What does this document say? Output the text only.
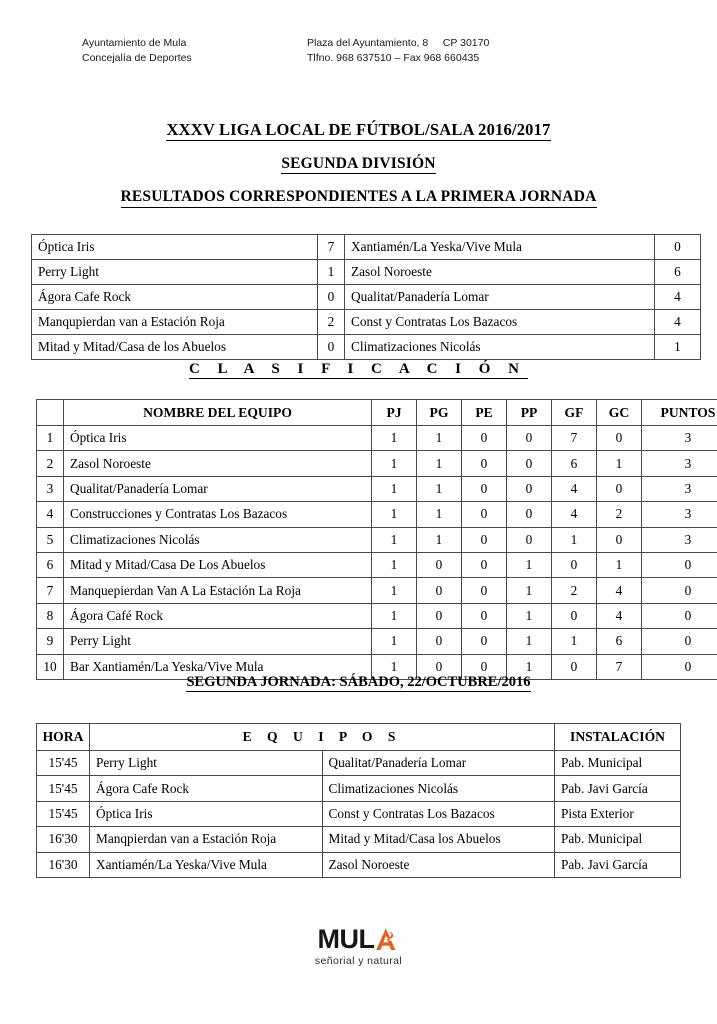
Ayuntamiento de Mula
Concejalía de Deportes
Plaza del Ayuntamiento, 8     CP 30170
Tlfno. 968 637510 – Fax 968 660435
XXXV LIGA LOCAL DE FÚTBOL/SALA 2016/2017
SEGUNDA DIVISIÓN
RESULTADOS CORRESPONDIENTES A LA PRIMERA JORNADA
Óptica Iris	7	Xantiamén/La Yeska/Vive Mula	0
Perry Light	1	Zasol Noroeste	6
Ágora Cafe Rock	0	Qualitat/Panadería Lomar	4
Manqupierdan van a Estación Roja	2	Const y Contratas Los Bazacos	4
Mitad y Mitad/Casa de los Abuelos	0	Climatizaciones Nicolás	1
C L A S I F I C A C I Ó N
	NOMBRE DEL EQUIPO	PJ	PG	PE	PP	GF	GC	PUNTOS
1	Óptica Iris	1	1	0	0	7	0	3
2	Zasol Noroeste	1	1	0	0	6	1	3
3	Qualitat/Panadería Lomar	1	1	0	0	4	0	3
4	Construcciones y Contratas Los Bazacos	1	1	0	0	4	2	3
5	Climatizaciones Nicolás	1	1	0	0	1	0	3
6	Mitad y Mitad/Casa De Los Abuelos	1	0	0	1	0	1	0
7	Manquepierdan Van A La Estación La Roja	1	0	0	1	2	4	0
8	Ágora Café Rock	1	0	0	1	0	4	0
9	Perry Light	1	0	0	1	1	6	0
10	Bar Xantiamén/La Yeska/Vive Mula	1	0	0	1	0	7	0
SEGUNDA JORNADA: SÁBADO, 22/OCTUBRE/2016
HORA	E Q U I P O S		INSTALACIÓN
15'45	Perry Light	Qualitat/Panadería Lomar	Pab. Municipal
15'45	Ágora Cafe Rock	Climatizaciones Nicolás	Pab. Javi García
15'45	Óptica Iris	Const y Contratas Los Bazacos	Pista Exterior
16'30	Manqpierdan van a Estación Roja	Mitad y Mitad/Casa los Abuelos	Pab. Municipal
16'30	Xantiamén/La Yeska/Vive Mula	Zasol Noroeste	Pab. Javi García
MUL
señorial y natural
